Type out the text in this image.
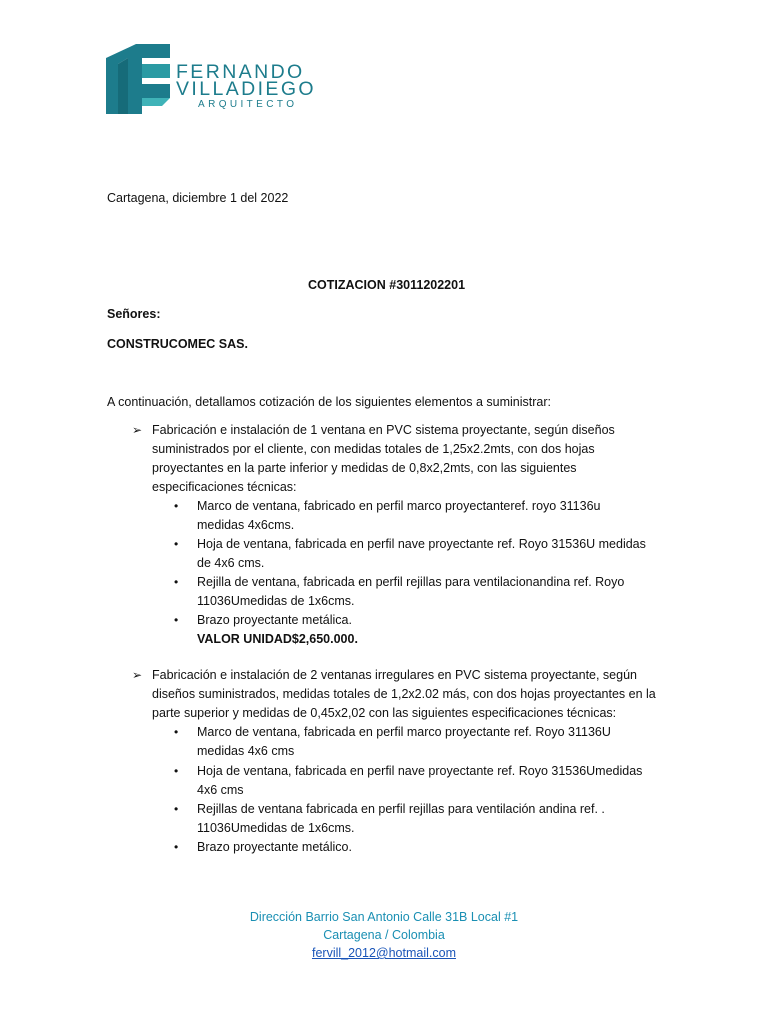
FERNANDO
VILLADIEGO
ARQUITECTO
Cartagena, diciembre 1 del 2022
COTIZACION #3011202201
Señores:
CONSTRUCOMEC SAS.
A continuación, detallamos cotización de los siguientes elementos a suministrar:
➢ Fabricación e instalación de 1 ventana en PVC sistema proyectante, según diseños
suministrados por el cliente, con medidas totales de 1,25x2.2mts, con dos hojas
proyectantes en la parte inferior y medidas de 0,8x2,2mts, con las siguientes
especificaciones técnicas:
• Marco de ventana, fabricado en perfil marco proyectanteref. royo 31136u
medidas 4x6cms.
• Hoja de ventana, fabricada en perfil nave proyectante ref. Royo 31536U medidas
de 4x6 cms.
• Rejilla de ventana, fabricada en perfil rejillas para ventilacionandina ref. Royo
11036Umedidas de 1x6cms.
• Brazo proyectante metálica.
VALOR UNIDAD$2,650.000.
➢ Fabricación e instalación de 2 ventanas irregulares en PVC sistema proyectante, según
diseños suministrados, medidas totales de 1,2x2.02 más, con dos hojas proyectantes en la
parte superior y medidas de 0,45x2,02 con las siguientes especificaciones técnicas:
• Marco de ventana, fabricada en perfil marco proyectante ref. Royo 31136U
medidas 4x6 cms
• Hoja de ventana, fabricada en perfil nave proyectante ref. Royo 31536Umedidas
4x6 cms
• Rejillas de ventana fabricada en perfil rejillas para ventilación andina ref. .
11036Umedidas de 1x6cms.
• Brazo proyectante metálico.
Dirección Barrio San Antonio Calle 31B Local #1
Cartagena / Colombia
fervill_2012@hotmail.com
